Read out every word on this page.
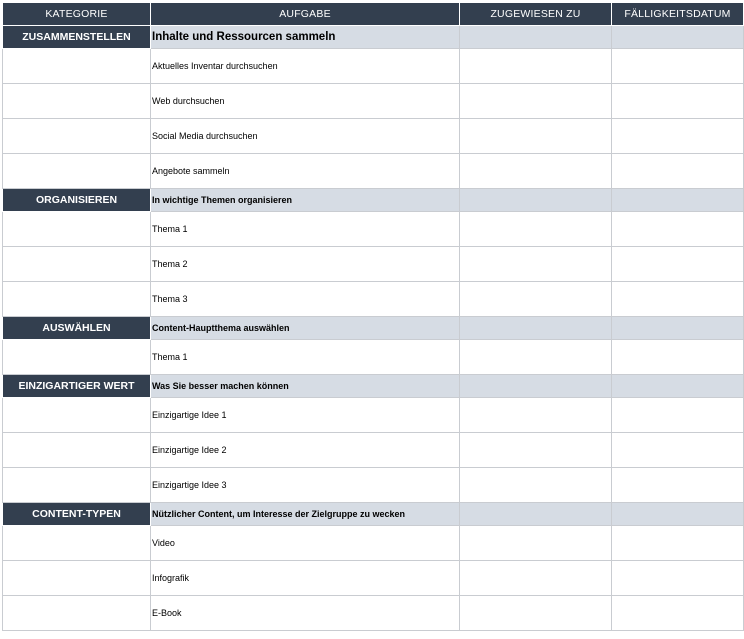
KATEGORIE	AUFGABE	ZUGEWIESEN ZU	FÄLLIGKEITSDATUM
ZUSAMMENSTELLEN	Inhalte und Ressourcen sammeln		
	Aktuelles Inventar durchsuchen		
	Web durchsuchen		
	Social Media durchsuchen		
	Angebote sammeln		
ORGANISIEREN	In wichtige Themen organisieren		
	Thema 1		
	Thema 2		
	Thema 3		
AUSWÄHLEN	Content-Hauptthema auswählen		
	Thema 1		
EINZIGARTIGER WERT	Was Sie besser machen können		
	Einzigartige Idee 1		
	Einzigartige Idee 2		
	Einzigartige Idee 3		
CONTENT-TYPEN	Nützlicher Content, um Interesse der Zielgruppe zu wecken		
	Video		
	Infografik		
	E-Book		
